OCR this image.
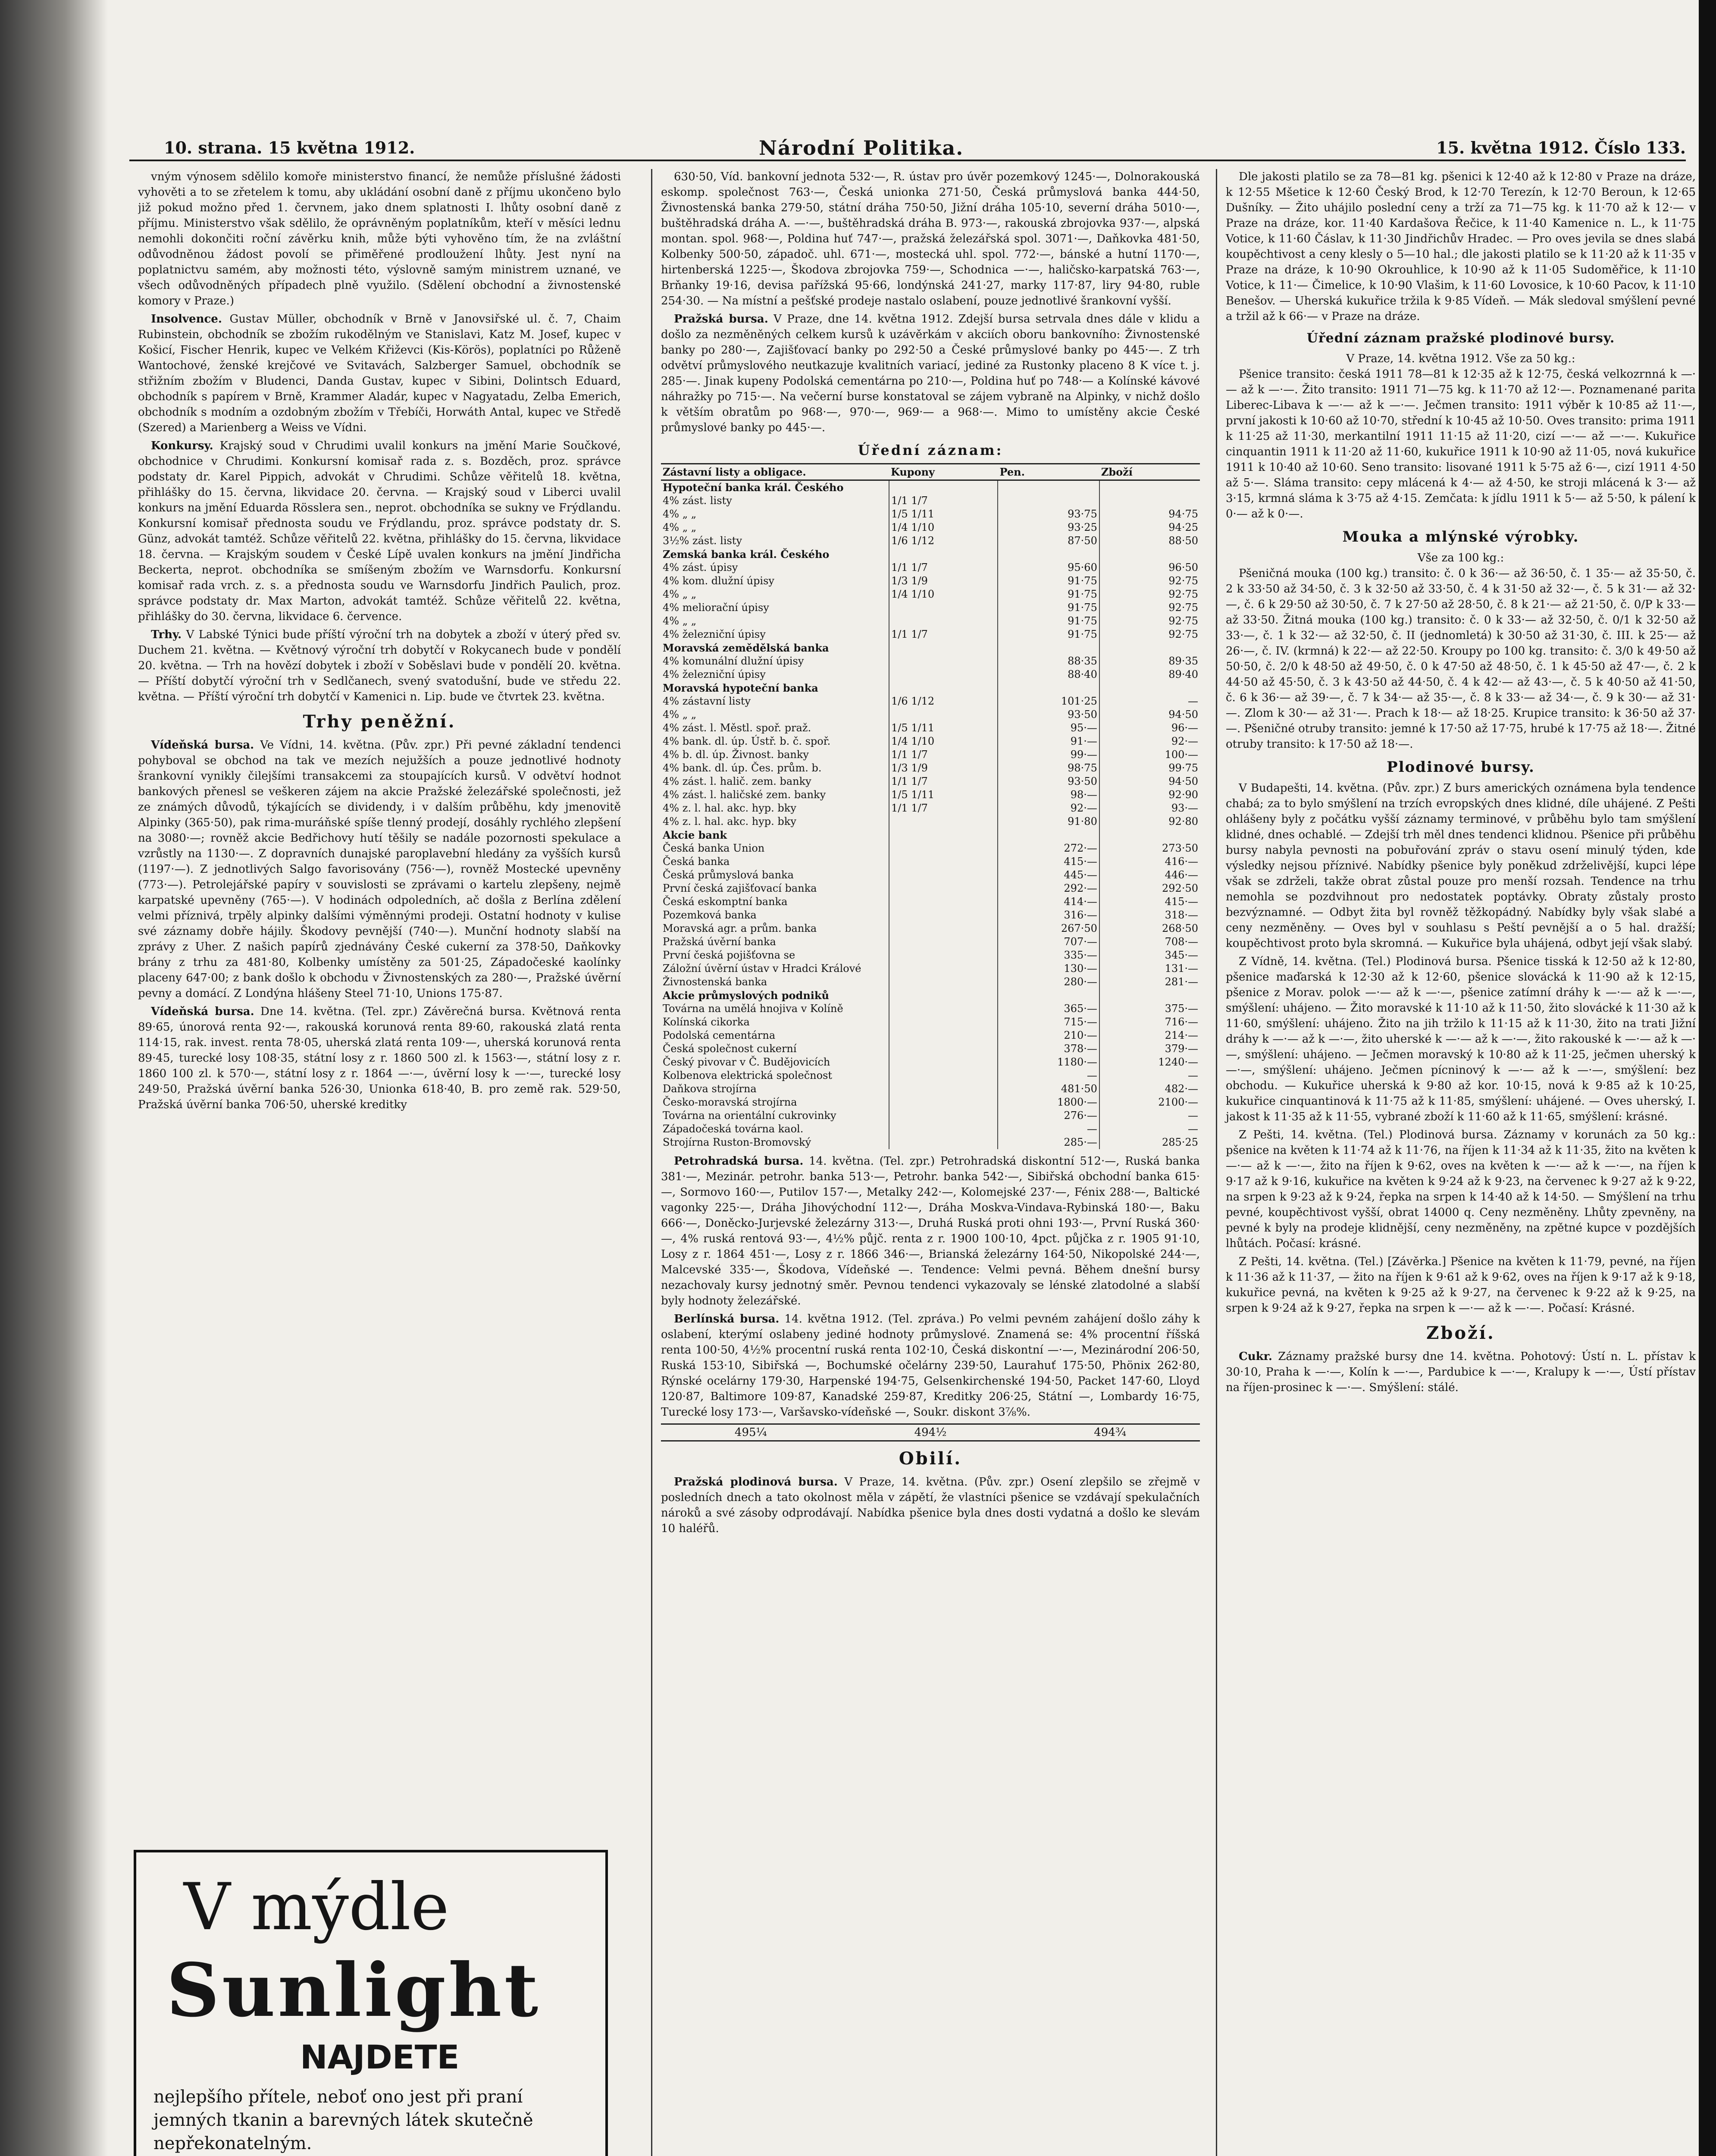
10. strana. 15 května 1912.	Národní Politika.	15. května 1912. Číslo 133.

vným výnosem sdělilo komoře ministerstvo financí, že nemůže příslušné žádosti vyhověti a to se zřetelem k tomu, aby ukládání osobní daně z příjmu ukončeno bylo již pokud možno před 1. červnem, jako dnem splatnosti I. lhůty osobní daně z příjmu. Ministerstvo však sdělilo, že oprávněným poplatníkům, kteří v měsíci lednu nemohli dokončiti roční závěrku knih, může býti vyhověno tím, že na zvláštní odůvodněnou žádost povolí se přiměřené prodloužení lhůty. Jest nyní na poplatnictvu samém, aby možnosti této, výslovně samým ministrem uznané, ve všech odůvodněných případech plně využilo. (Sdělení obchodní a živnostenské komory v Praze.)

Insolvence. Gustav Müller, obchodník v Brně v Janovsiřské ul. č. 7, Chaim Rubinstein, obchodník se zbožím rukodělným ve Stanislavi, Katz M. Josef, kupec v Košicí, Fischer Henrik, kupec ve Velkém Křiževci (Kis-Körös), poplatníci po Růženě Wantochové, ženské krejčové ve Svitavách, Salzberger Samuel, obchodník se střižním zbožím v Bludenci, Danda Gustav, kupec v Sibini, Dolintsch Eduard, obchodník s papírem v Brně, Krammer Aladár, kupec v Nagyatadu, Zelba Emerich, obchodník s modním a ozdobným zbožím v Třebíči, Horwáth Antal, kupec ve Středě (Szered) a Marienberg a Weiss ve Vídni.

Konkursy. Krajský soud v Chrudimi uvalil konkurs na jmění Marie Součkové, obchodnice v Chrudimi. Konkursní komisař rada z. s. Bozděch, proz. správce podstaty dr. Karel Pippich, advokát v Chrudimi. Schůze věřitelů 18. května, přihlášky do 15. června, likvidace 20. června. — Krajský soud v Liberci uvalil konkurs na jmění Eduarda Rösslera sen., neprot. obchodníka se sukny ve Frýdlandu. Konkursní komisař přednosta soudu ve Frýdlandu, proz. správce podstaty dr. S. Günz, advokát tamtéž. Schůze věřitelů 22. května, přihlášky do 15. června, likvidace 18. června. — Krajským soudem v České Lípě uvalen konkurs na jmění Jindřicha Beckerta, neprot. obchodníka se smíšeným zbožím ve Warnsdorfu. Konkursní komisař rada vrch. z. s. a přednosta soudu ve Warnsdorfu Jindřich Paulich, proz. správce podstaty dr. Max Marton, advokát tamtéž. Schůze věřitelů 22. května, přihlášky do 30. června, likvidace 6. července.

Trhy. V Labské Týnici bude příští výroční trh na dobytek a zboží v úterý před sv. Duchem 21. května. — Květnový výroční trh dobytčí v Rokycanech bude v pondělí 20. května. — Trh na hovězí dobytek i zboží v Soběslavi bude v pondělí 20. května. — Příští dobytčí výroční trh v Sedlčanech, svený svatodušní, bude ve středu 22. května. — Příští výroční trh dobytčí v Kamenici n. Lip. bude ve čtvrtek 23. května.

Trhy peněžní.

Vídeňská bursa. Ve Vídni, 14. května. (Pův. zpr.) Při pevné základní tendenci pohyboval se obchod na tak ve mezích nejužších a pouze jednotlivé hodnoty šrankovní vynikly čilejšími transakcemi za stoupajících kursů. V odvětví hodnot bankových přenesl se veškeren zájem na akcie Pražské železářské společnosti, jež ze známých důvodů, týkajících se dividendy, i v dalším průběhu, kdy jmenovitě Alpinky (365·50), pak rima-muráňské spíše tlenný prodejí, dosáhly rychlého zlepšení na 3080·—; rovněž akcie Bedřichovy hutí těšily se nadále pozornosti spekulace a vzrůstly na 1130·—. Z dopravních dunajské paroplavební hledány za vyšších kursů (1197·—). Z jednotlivých Salgo favorisovány (756·—), rovněž Mostecké upevněny (773·—). Petrolejářské papíry v souvislosti se zprávami o kartelu zlepšeny, nejmě karpatské upevněny (765·—). V hodinách odpoledních, ač došla z Berlína zdělení velmi příznivá, trpěly alpinky dalšími výměnnými prodeji. Ostatní hodnoty v kulise své záznamy dobře hájily. Škodovy pevnější (740·—). Munční hodnoty slabší na zprávy z Uher. Z našich papírů zjednávány České cukerní za 378·50, Daňkovky brány z trhu za 481·80, Kolbenky umístěny za 501·25, Západočeské kaolínky placeny 647·00; z bank došlo k obchodu v Živnostenských za 280·—, Pražské úvěrní pevny a domácí. Z Londýna hlášeny Steel 71·10, Unions 175·87.

Vídeňská bursa. Dne 14. května. (Tel. zpr.) Závěrečná bursa. Květnová renta 89·65, únorová renta 92·—, rakouská korunová renta 89·60, rakouská zlatá renta 114·15, rak. invest. renta 78·05, uherská zlatá renta 109·—, uherská korunová renta 89·45, turecké losy 108·35, státní losy z r. 1860 500 zl. k 1563·—, státní losy z r. 1860 100 zl. k 570·—, státní losy z r. 1864 —·—, úvěrní losy k —·—, turecké losy 249·50, Pražská úvěrní banka 526·30, Unionka 618·40, B. pro země rak. 529·50, Pražská úvěrní banka 706·50, uherské kreditky

V mýdle
Sunlight
NAJDETE
nejlepšího přítele, neboť ono jest při praní jemných tkanin a barevných látek skutečně nepřekonatelným.

630·50, Víd. bankovní jednota 532·—, R. ústav pro úvěr pozemkový 1245·—, Dolnorakouská eskomp. společnost 763·—, Česká unionka 271·50, Česká průmyslová banka 444·50, Živnostenská banka 279·50, státní dráha 750·50, Jižní dráha 105·10, severní dráha 5010·—, buštěhradská dráha A. —·—, buštěhradská dráha B. 973·—, rakouská zbrojovka 937·—, alpská montan. spol. 968·—, Poldina huť 747·—, pražská železářská spol. 3071·—, Daňkovka 481·50, Kolbenky 500·50, západoč. uhl. 671·—, mostecká uhl. spol. 772·—, bánské a hutní 1170·—, hirtenberská 1225·—, Škodova zbrojovka 759·—, Schodnica —·—, haličsko-karpatská 763·—, Brňanky 19·16, devisa pařížská 95·66, londýnská 241·27, marky 117·87, liry 94·80, ruble 254·30. — Na místní a pešťské prodeje nastalo oslabení, pouze jednotlivé šrankovní vyšší.

Pražská bursa. V Praze, dne 14. května 1912. Zdejší bursa setrvala dnes dále v klidu a došlo za nezměněných celkem kursů k uzávěrkám v akciích oboru bankovního: Živnostenské banky po 280·—, Zajišťovací banky po 292·50 a České průmyslové banky po 445·—. Z trh odvětví průmyslového neutkazuje kvalitních variací, jediné za Rustonky placeno 8 K více t. j. 285·—. Jinak kupeny Podolská cementárna po 210·—, Poldina huť po 748·— a Kolínské kávové náhražky po 715·—. Na večerní burse konstatoval se zájem vybraně na Alpinky, v nichž došlo k větším obratům po 968·—, 970·—, 969·— a 968·—. Mimo to umístěny akcie České průmyslové banky po 445·—.

Úřední záznam:
Zástavní listy a obligace.	Kupony	Pen.	Zboží
Hypoteční banka král. Českého			
4% zást. listy	1/1 1/7		
4% „ „	1/5 1/11	93·75	94·75
4% „ „	1/4 1/10	93·25	94·25
3½% zást. listy	1/6 1/12	87·50	88·50
Zemská banka král. Českého			
4% zást. úpisy	1/1 1/7	95·60	96·50
4% kom. dlužní úpisy	1/3 1/9	91·75	92·75
4% „ „	1/4 1/10	91·75	92·75
4% meliorační úpisy		91·75	92·75
4% „ „		91·75	92·75
4% železniční úpisy	1/1 1/7	91·75	92·75
Moravská zemědělská banka			
4% komunální dlužní úpisy		88·35	89·35
4% železniční úpisy		88·40	89·40
Moravská hypoteční banka			
4% zástavní listy	1/6 1/12	101·25	—
4% „ „		93·50	94·50
4% zást. l. Městl. spoř. praž.	1/5 1/11	95·—	96·—
4% bank. dl. úp. Ústř. b. č. spoř.	1/4 1/10	91·—	92·—
4% b. dl. úp. Živnost. banky	1/1 1/7	99·—	100·—
4% bank. dl. úp. Čes. prům. b.	1/3 1/9	98·75	99·75
4% zást. l. halič. zem. banky	1/1 1/7	93·50	94·50
4% zást. l. haličské zem. banky	1/5 1/11	98·—	92·90
4% z. l. hal. akc. hyp. bky	1/1 1/7	92·—	93·—
4% z. l. hal. akc. hyp. bky		91·80	92·80
Akcie bank			
Česká banka Union		272·—	273·50
Česká banka		415·—	416·—
Česká průmyslová banka		445·—	446·—
První česká zajišťovací banka		292·—	292·50
Česká eskomptní banka		414·—	415·—
Pozemková banka		316·—	318·—
Moravská agr. a prům. banka		267·50	268·50
Pražská úvěrní banka		707·—	708·—
První česká pojišťovna se		335·—	345·—
Záložní úvěrní ústav v Hradci Králové		130·—	131·—
Živnostenská banka		280·—	281·—
Akcie průmyslových podniků			
Továrna na umělá hnojiva v Kolíně		365·—	375·—
Kolínská cikorka		715·—	716·—
Podolská cementárna		210·—	214·—
Česká společnost cukerní		378·—	379·—
Český pivovar v Č. Budějovicích		1180·—	1240·—
Kolbenova elektrická společnost		—	—
Daňkova strojírna		481·50	482·—
Česko-moravská strojírna		1800·—	2100·—
Továrna na orientální cukrovinky		276·—	—
Západočeská továrna kaol.		—	—
Strojírna Ruston-Bromovský		285·—	285·25

Petrohradská bursa. 14. května. (Tel. zpr.) Petrohradská diskontní 512·—, Ruská banka 381·—, Mezinár. petrohr. banka 513·—, Petrohr. banka 542·—, Sibiřská obchodní banka 615·—, Sormovo 160·—, Putilov 157·—, Metalky 242·—, Kolomejské 237·—, Fénix 288·—, Baltické vagonky 225·—, Dráha Jihovýchodní 112·—, Dráha Moskva-Vindava-Rybinská 180·—, Baku 666·—, Doněcko-Jurjevské železárny 313·—, Druhá Ruská proti ohni 193·—, První Ruská 360·—, 4% ruská rentová 93·—, 4½% půjč. renta z r. 1900 100·10, 4pct. půjčka z r. 1905 91·10, Losy z r. 1864 451·—, Losy z r. 1866 346·—, Brianská železárny 164·50, Nikopolské 244·—, Malcevské 335·—, Škodova, Vídeňské —. Tendence: Velmi pevná. Během dnešní bursy nezachovaly kursy jednotný směr. Pevnou tendenci vykazovaly se lénské zlatodolné a slabší byly hodnoty železářské.

Berlínská bursa. 14. května 1912. (Tel. zpráva.) Po velmi pevném zahájení došlo záhy k oslabení, kterýmí oslabeny jediné hodnoty průmyslové. Znamená se: 4% procentní říšská renta 100·50, 4½% procentní ruská renta 102·10, Česká diskontní —·—, Mezinárodní 206·50, Ruská 153·10, Sibiřská —, Bochumské očelárny 239·50, Laurahuť 175·50, Phönix 262·80, Rýnské ocelárny 179·30, Harpenské 194·75, Gelsenkirchenské 194·50, Packet 147·60, Lloyd 120·87, Baltimore 109·87, Kanadské 259·87, Kreditky 206·25, Státní —, Lombardy 16·75, Turecké losy 173·—, Varšavsko-vídeňské —, Soukr. diskont 3⅞%.

495¼	494½	494¾
Obilí.

Pražská plodinová bursa. V Praze, 14. května. (Pův. zpr.) Osení zlepšilo se zřejmě v posledních dnech a tato okolnost měla v zápětí, že vlastníci pšenice se vzdávají spekulačních nároků a své zásoby odprodávají. Nabídka pšenice byla dnes dosti vydatná a došlo ke slevám 10 haléřů.

Dle jakosti platilo se za 78—81 kg. pšenici k 12·40 až k 12·80 v Praze na dráze, k 12·55 Mšetice k 12·60 Český Brod, k 12·70 Terezín, k 12·70 Beroun, k 12·65 Dušníky. — Žito uhájilo poslední ceny a trží za 71—75 kg. k 11·70 až k 12·— v Praze na dráze, kor. 11·40 Kardašova Řečice, k 11·40 Kamenice n. L., k 11·75 Votice, k 11·60 Čáslav, k 11·30 Jindřichův Hradec. — Pro oves jevila se dnes slabá koupěchtivost a ceny klesly o 5—10 hal.; dle jakosti platilo se k 11·20 až k 11·35 v Praze na dráze, k 10·90 Okrouhlice, k 10·90 až k 11·05 Sudoměřice, k 11·10 Votice, k 11·— Čimelice, k 10·90 Vlašim, k 11·60 Lovosice, k 10·60 Pacov, k 11·10 Benešov. — Uherská kukuřice tržila k 9·85 Vídeň. — Mák sledoval smýšlení pevné a tržil až k 66·— v Praze na dráze.

Úřední záznam pražské plodinové bursy.
V Praze, 14. května 1912. Vše za 50 kg.:

Pšenice transito: česká 1911 78—81 k 12·35 až k 12·75, česká velkozrnná k —·— až k —·—. Žito transito: 1911 71—75 kg. k 11·70 až 12·—. Poznamenané parita Liberec-Libava k —·— až k —·—. Ječmen transito: 1911 výběr k 10·85 až 11·—, první jakosti k 10·60 až 10·70, střední k 10·45 až 10·50. Oves transito: prima 1911 k 11·25 až 11·30, merkantilní 1911 11·15 až 11·20, cizí —·— až —·—. Kukuřice cinquantin 1911 k 11·20 až 11·60, kukuřice 1911 k 10·90 až 11·05, nová kukuřice 1911 k 10·40 až 10·60. Seno transito: lisované 1911 k 5·75 až 6·—, cizí 1911 4·50 až 5·—. Sláma transito: cepy mlácená k 4·— až 4·50, ke stroji mlácená k 3·— až 3·15, krmná sláma k 3·75 až 4·15. Zemčata: k jídlu 1911 k 5·— až 5·50, k pálení k 0·— až k 0·—.

Mouka a mlýnské výrobky.
Vše za 100 kg.:

Pšeničná mouka (100 kg.) transito: č. 0 k 36·— až 36·50, č. 1 35·— až 35·50, č. 2 k 33·50 až 34·50, č. 3 k 32·50 až 33·50, č. 4 k 31·50 až 32·—, č. 5 k 31·— až 32·—, č. 6 k 29·50 až 30·50, č. 7 k 27·50 až 28·50, č. 8 k 21·— až 21·50, č. 0/P k 33·— až 33·50. Žitná mouka (100 kg.) transito: č. 0 k 33·— až 32·50, č. 0/1 k 32·50 až 33·—, č. 1 k 32·— až 32·50, č. II (jednomletá) k 30·50 až 31·30, č. III. k 25·— až 26·—, č. IV. (krmná) k 22·— až 22·50. Kroupy po 100 kg. transito: č. 3/0 k 49·50 až 50·50, č. 2/0 k 48·50 až 49·50, č. 0 k 47·50 až 48·50, č. 1 k 45·50 až 47·—, č. 2 k 44·50 až 45·50, č. 3 k 43·50 až 44·50, č. 4 k 42·— až 43·—, č. 5 k 40·50 až 41·50, č. 6 k 36·— až 39·—, č. 7 k 34·— až 35·—, č. 8 k 33·— až 34·—, č. 9 k 30·— až 31·—. Zlom k 30·— až 31·—. Prach k 18·— až 18·25. Krupice transito: k 36·50 až 37·—. Pšeničné otruby transito: jemné k 17·50 až 17·75, hrubé k 17·75 až 18·—. Žitné otruby transito: k 17·50 až 18·—.

Plodinové bursy.

V Budapešti, 14. května. (Pův. zpr.) Z burs amerických oznámena byla tendence chabá; za to bylo smýšlení na trzích evropských dnes klidné, díle uhájené. Z Pešti ohlášeny byly z počátku vyšší záznamy terminové, v průběhu bylo tam smýšlení klidné, dnes ochablé. — Zdejší trh měl dnes tendenci klidnou. Pšenice při průběhu bursy nabyla pevnosti na pobuřování zpráv o stavu osení minulý týden, kde výsledky nejsou příznivé. Nabídky pšenice byly poněkud zdrželivější, kupci lépe však se zdrželi, takže obrat zůstal pouze pro menší rozsah. Tendence na trhu nemohla se pozdvihnout pro nedostatek poptávky. Obraty zůstaly prosto bezvýznamné. — Odbyt žita byl rovněž těžkopádný. Nabídky byly však slabé a ceny nezměněny. — Oves byl v souhlasu s Peští pevnější a o 5 hal. dražší; koupěchtivost proto byla skromná. — Kukuřice byla uhájená, odbyt její však slabý.

Z Vídně, 14. května. (Tel.) Plodinová bursa. Pšenice tisská k 12·50 až k 12·80, pšenice maďarská k 12·30 až k 12·60, pšenice slovácká k 11·90 až k 12·15, pšenice z Morav. polok —·— až k —·—, pšenice zatímní dráhy k —·— až k —·—, smýšlení: uhájeno. — Žito moravské k 11·10 až k 11·50, žito slovácké k 11·30 až k 11·60, smýšlení: uhájeno. Žito na jih tržilo k 11·15 až k 11·30, žito na trati Jižní dráhy k —·— až k —·—, žito uherské k —·— až k —·—, žito rakouské k —·— až k —·—, smýšlení: uhájeno. — Ječmen moravský k 10·80 až k 11·25, ječmen uherský k —·—, smýšlení: uhájeno. Ječmen pícninový k —·— až k —·—, smýšlení: bez obchodu. — Kukuřice uherská k 9·80 až kor. 10·15, nová k 9·85 až k 10·25, kukuřice cinquantinová k 11·75 až k 11·85, smýšlení: uhájené. — Oves uherský, I. jakost k 11·35 až k 11·55, vybrané zboží k 11·60 až k 11·65, smýšlení: krásné.

Z Pešti, 14. května. (Tel.) Plodinová bursa. Záznamy v korunách za 50 kg.: pšenice na květen k 11·74 až k 11·76, na říjen k 11·34 až k 11·35, žito na květen k —·— až k —·—, žito na říjen k 9·62, oves na květen k —·— až k —·—, na říjen k 9·17 až k 9·16, kukuřice na květen k 9·24 až k 9·23, na červenec k 9·27 až k 9·22, na srpen k 9·23 až k 9·24, řepka na srpen k 14·40 až k 14·50. — Smýšlení na trhu pevné, koupěchtivost vyšší, obrat 14000 q. Ceny nezměněny. Lhůty zpevněny, na pevné k byly na prodeje klidnější, ceny nezměněny, na zpětné kupce v pozdějších lhůtách. Počasí: krásné.

Z Pešti, 14. května. (Tel.) [Závěrka.] Pšenice na květen k 11·79, pevné, na říjen k 11·36 až k 11·37, — žito na říjen k 9·61 až k 9·62, oves na říjen k 9·17 až k 9·18, kukuřice pevná, na květen k 9·25 až k 9·27, na červenec k 9·22 až k 9·25, na srpen k 9·24 až k 9·27, řepka na srpen k —·— až k —·—. Počasí: Krásné.

Zboží.

Cukr. Záznamy pražské bursy dne 14. května. Pohotový: Ústí n. L. přístav k 30·10, Praha k —·—, Kolín k —·—, Pardubice k —·—, Kralupy k —·—, Ústí přístav na říjen-prosinec k —·—. Smýšlení: stálé.
